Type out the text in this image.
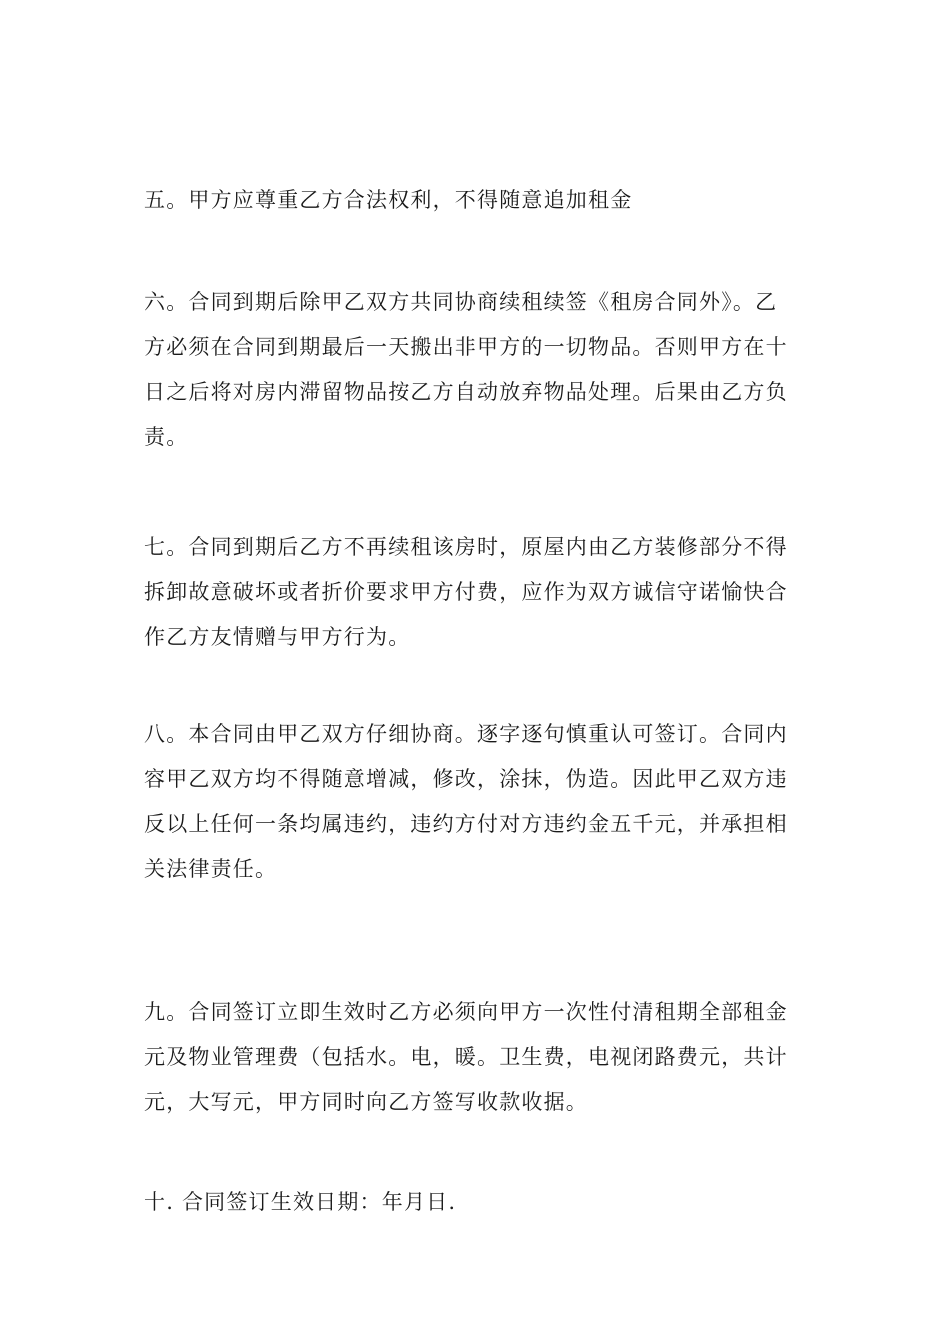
五。甲方应尊重乙方合法权利，不得随意追加租金
六。合同到期后除甲乙双方共同协商续租续签《租房合同外》。乙
方必须在合同到期最后一天搬出非甲方的一切物品。否则甲方在十
日之后将对房内滞留物品按乙方自动放弃物品处理。后果由乙方负
责。
七。合同到期后乙方不再续租该房时，原屋内由乙方装修部分不得
拆卸故意破坏或者折价要求甲方付费，应作为双方诚信守诺愉快合
作乙方友情赠与甲方行为。
八。本合同由甲乙双方仔细协商。逐字逐句慎重认可签订。合同内
容甲乙双方均不得随意增减，修改，涂抹，伪造。因此甲乙双方违
反以上任何一条均属违约，违约方付对方违约金五千元，并承担相
关法律责任。
九。合同签订立即生效时乙方必须向甲方一次性付清租期全部租金
元及物业管理费（包括水。电，暖。卫生费，电视闭路费元，共计
元，大写元，甲方同时向乙方签写收款收据。
十. 合同签订生效日期：年月日.
